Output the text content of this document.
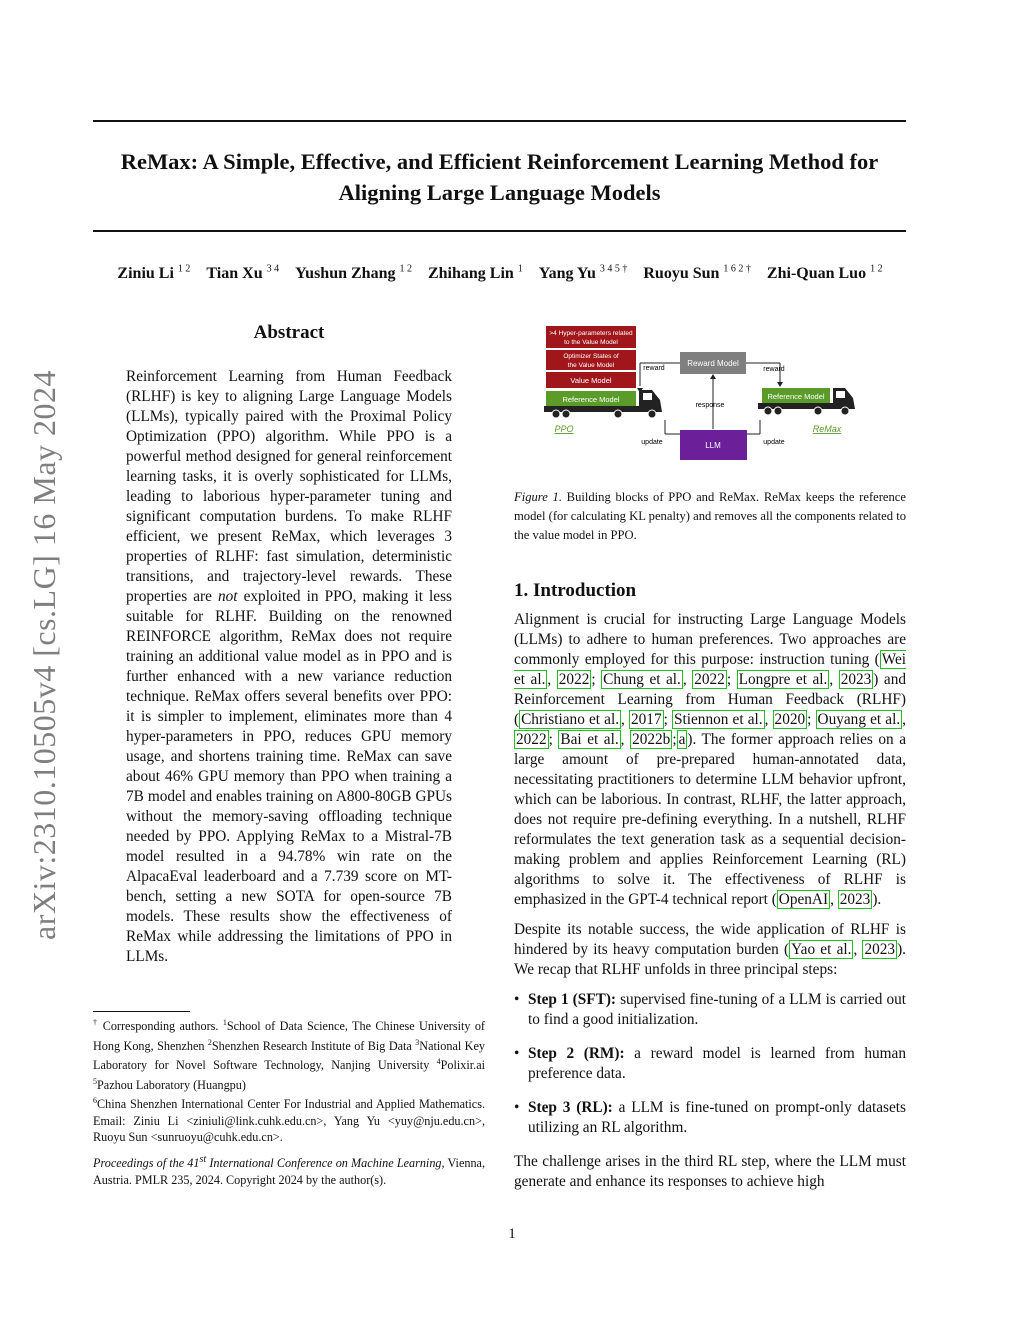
ReMax: A Simple, Effective, and Efficient Reinforcement Learning Method for
Aligning Large Language Models
Ziniu Li $^{1 2}$ Tian Xu $^{3 4}$ Yushun Zhang $^{1 2}$ Zhihang Lin $^1$ Yang Yu $^{3 4 5 \dagger}$ Ruoyu Sun $^{1 6 2 \dagger}$ Zhi-Quan Luo $^{1 2}$
arXiv:2310.10505v4 [cs.LG] 16 May 2024
Abstract
Reinforcement Learning from Human Feedback (RLHF) is key to aligning Large Language Models (LLMs), typically paired with the Proximal Policy Optimization (PPO) algorithm. While PPO is a powerful method designed for general reinforcement learning tasks, it is overly sophisticated for LLMs, leading to laborious hyper-parameter tuning and significant computation burdens. To make RLHF efficient, we present ReMax, which leverages 3 properties of RLHF: fast simulation, deterministic transitions, and trajectory-level rewards. These properties are not exploited in PPO, making it less suitable for RLHF. Building on the renowned REINFORCE algorithm, ReMax does not require training an additional value model as in PPO and is further enhanced with a new variance reduction technique. ReMax offers several benefits over PPO: it is simpler to implement, eliminates more than 4 hyper-parameters in PPO, reduces GPU memory usage, and shortens training time. ReMax can save about 46% GPU memory than PPO when training a 7B model and enables training on A800-80GB GPUs without the memory-saving offloading technique needed by PPO. Applying ReMax to a Mistral-7B model resulted in a 94.78% win rate on the AlpacaEval leaderboard and a 7.739 score on MT-bench, setting a new SOTA for open-source 7B models. These results show the effectiveness of ReMax while addressing the limitations of PPO in LLMs.
† Corresponding authors. $^1$School of Data Science, The Chinese University of Hong Kong, Shenzhen $^2$Shenzhen Research Institute of Big Data $^3$National Key Laboratory for Novel Software Technology, Nanjing University $^4$Polixir.ai $^5$Pazhou Laboratory (Huangpu)
$^6$China Shenzhen International Center For Industrial and Applied Mathematics. Email: Ziniu Li <ziniuli@link.cuhk.edu.cn>, Yang Yu <yuy@nju.edu.cn>, Ruoyu Sun <sunruoyu@cuhk.edu.cn>.
Proceedings of the 41st International Conference on Machine Learning, Vienna, Austria. PMLR 235, 2024. Copyright 2024 by the author(s).
>4 Hyper-parameters related
to the Value Model
Optimizer States of
the Value Model
Value Model
Reference Model
PPO
Reward Model
reward	reward
response
LLM
update	update
Reference Model
ReMax
Figure 1. Building blocks of PPO and ReMax. ReMax keeps the reference model (for calculating KL penalty) and removes all the components related to the value model in PPO.
1. Introduction

Alignment is crucial for instructing Large Language Models (LLMs) to adhere to human preferences. Two approaches are commonly employed for this purpose: instruction tuning ( Wei et al. , 2022 ; Chung et al. , 2022 ; Longpre et al. , 2023 ) and Reinforcement Learning from Human Feedback (RLHF) ( Christiano et al. , 2017 ; Stiennon et al. , 2020 ; Ouyang et al. , 2022 ; Bai et al. , 2022b ; a ). The former approach relies on a large amount of pre-prepared human-annotated data, necessitating practitioners to determine LLM behavior upfront, which can be laborious. In contrast, RLHF, the latter approach, does not require pre-defining everything. In a nutshell, RLHF reformulates the text generation task as a sequential decision-making problem and applies Reinforcement Learning (RL) algorithms to solve it. The effectiveness of RLHF is emphasized in the GPT-4 technical report ( OpenAI , 2023 ).

Despite its notable success, the wide application of RLHF is hindered by its heavy computation burden ( Yao et al. , 2023 ). We recap that RLHF unfolds in three principal steps:

• Step 1 (SFT): supervised fine-tuning of a LLM is carried out to find a good initialization.
• Step 2 (RM): a reward model is learned from human preference data.
• Step 3 (RL): a LLM is fine-tuned on prompt-only datasets utilizing an RL algorithm.

The challenge arises in the third RL step, where the LLM must generate and enhance its responses to achieve high

1
